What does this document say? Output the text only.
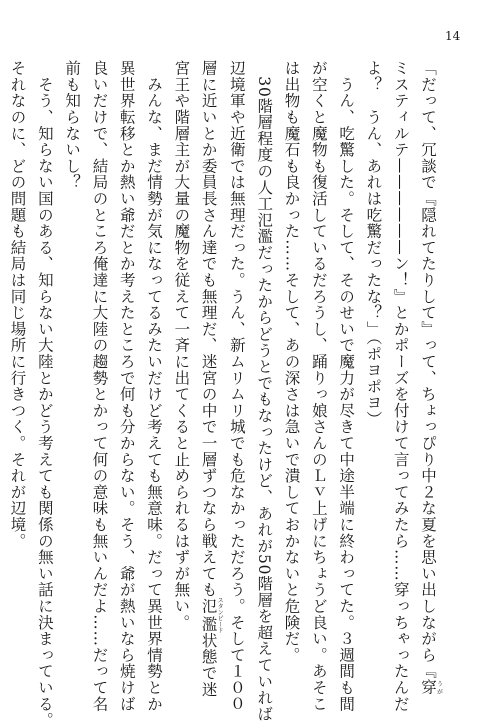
14
「だって、冗談で『隠れてたりして』って、ちょっぴり中２な夏を思い出しながら『穿うが
ミスティルテ——————ン！』とかポーズを付けて言ってみたら……穿っちゃったんだ
よ？　うん、あれは吃驚だったな？」（ポヨポヨ）
　うん、吃驚した。そして、そのせいで魔力が尽きて中途半端に終わってた。３週間も間
が空くと魔物も復活しているだろうし、踊りっ娘さんのＬｖ上げにちょうど良い。あそこ
は出物も魔石も良かった……そして、あの深さは急いで潰しておかないと危険だ。
　30階層程度の人工氾濫だったからどうとでもなったけど、あれが50階層を超えていれば
辺境軍や近衛では無理だった。うん、新ムリムリ城でも危なかっただろう。そして１００
層に近いとか委員長さん達でも無理だ、迷宮の中で一層ずつなら戦えても氾濫スタンピード状態で迷
宮王や階層主が大量の魔物を従えて一斉に出てくると止められるはずが無い。
　みんな、まだ情勢が気になってるみたいだけど考えても無意味。だって異世界情勢とか
異世界転移とか熱い爺だとか考えたところで何も分からない。そう、爺が熱いなら焼けば
良いだけで、結局のところ俺達に大陸の趨勢とかって何の意味も無いんだよ……だって名
前も知らないし？
　そう、知らない国のある、知らない大陸とかどう考えても関係の無い話に決まっている。
それなのに、どの問題も結局は同じ場所に行きつく。それが辺境。
